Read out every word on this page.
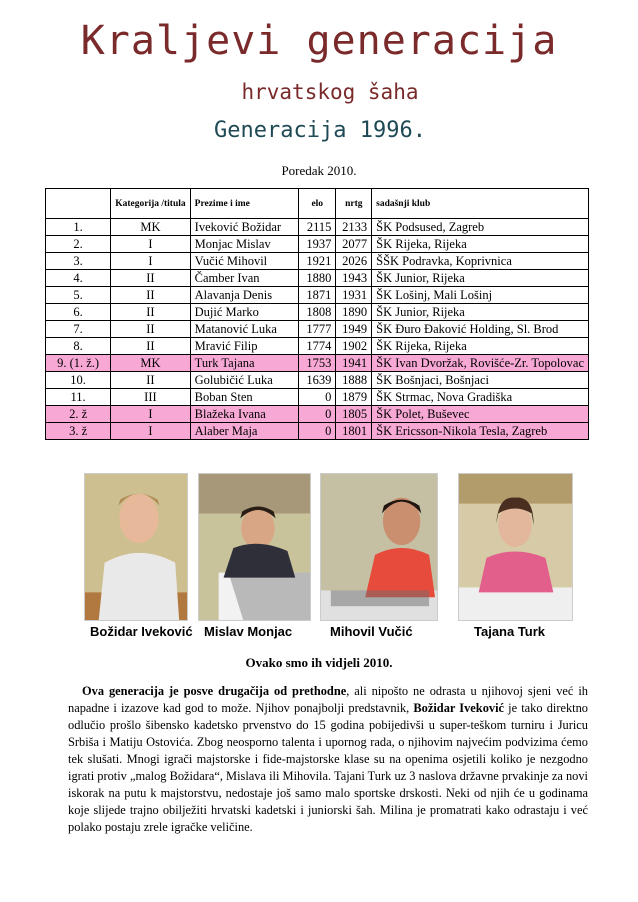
Kraljevi generacija
hrvatskog šaha
Generacija 1996.
Poredak 2010.
	Kategorija /titula	Prezime i ime	elo	nrtg	sadašnji klub
1.	MK	Iveković Božidar	2115	2133	ŠK Podsused, Zagreb
2.	I	Monjac Mislav	1937	2077	ŠK Rijeka, Rijeka
3.	I	Vučić Mihovil	1921	2026	ŠŠK Podravka, Koprivnica
4.	II	Čamber Ivan	1880	1943	ŠK Junior, Rijeka
5.	II	Alavanja Denis	1871	1931	ŠK Lošinj, Mali Lošinj
6.	II	Dujić Marko	1808	1890	ŠK Junior, Rijeka
7.	II	Matanović Luka	1777	1949	ŠK Đuro Đaković Holding, Sl. Brod
8.	II	Mravić Filip	1774	1902	ŠK Rijeka, Rijeka
9. (1. ž.)	MK	Turk Tajana	1753	1941	ŠK Ivan Dvoržak, Rovišće-Zr. Topolovac
10.	II	Golubičić Luka	1639	1888	ŠK Bošnjaci, Bošnjaci
11.	III	Boban Sten	0	1879	ŠK Strmac, Nova Gradiška
2. ž	I	Blažeka Ivana	0	1805	ŠK Polet, Buševec
3. ž	I	Alaber Maja	0	1801	ŠK Ericsson-Nikola Tesla, Zagreb
Božidar Iveković Mislav Monjac	Mihovil Vučić	Tajana Turk
Ovako smo ih vidjeli 2010.
Ova generacija je posve drugačija od prethodne, ali nipošto ne odrasta u njihovoj sjeni već ih napadne i izazove kad god to može. Njihov ponajbolji predstavnik, Božidar Iveković je tako direktno odlučio prošlo šibensko kadetsko prvenstvo do 15 godina pobijedivši u super-teškom turniru i Juricu Srbiša i Matiju Ostovića. Zbog neosporno talenta i upornog rada, o njihovim najvećim podvizima ćemo tek slušati. Mnogi igrači majstorske i fide-majstorske klase su na openima osjetili koliko je nezgodno igrati protiv „malog Božidara“, Mislava ili Mihovila. Tajani Turk uz 3 naslova državne prvakinje za novi iskorak na putu k majstorstvu, nedostaje još samo malo sportske drskosti. Neki od njih će u godinama koje slijede trajno obilježiti hrvatski kadetski i juniorski šah. Milina je promatrati kako odrastaju i već polako postaju zrele igračke veličine.
